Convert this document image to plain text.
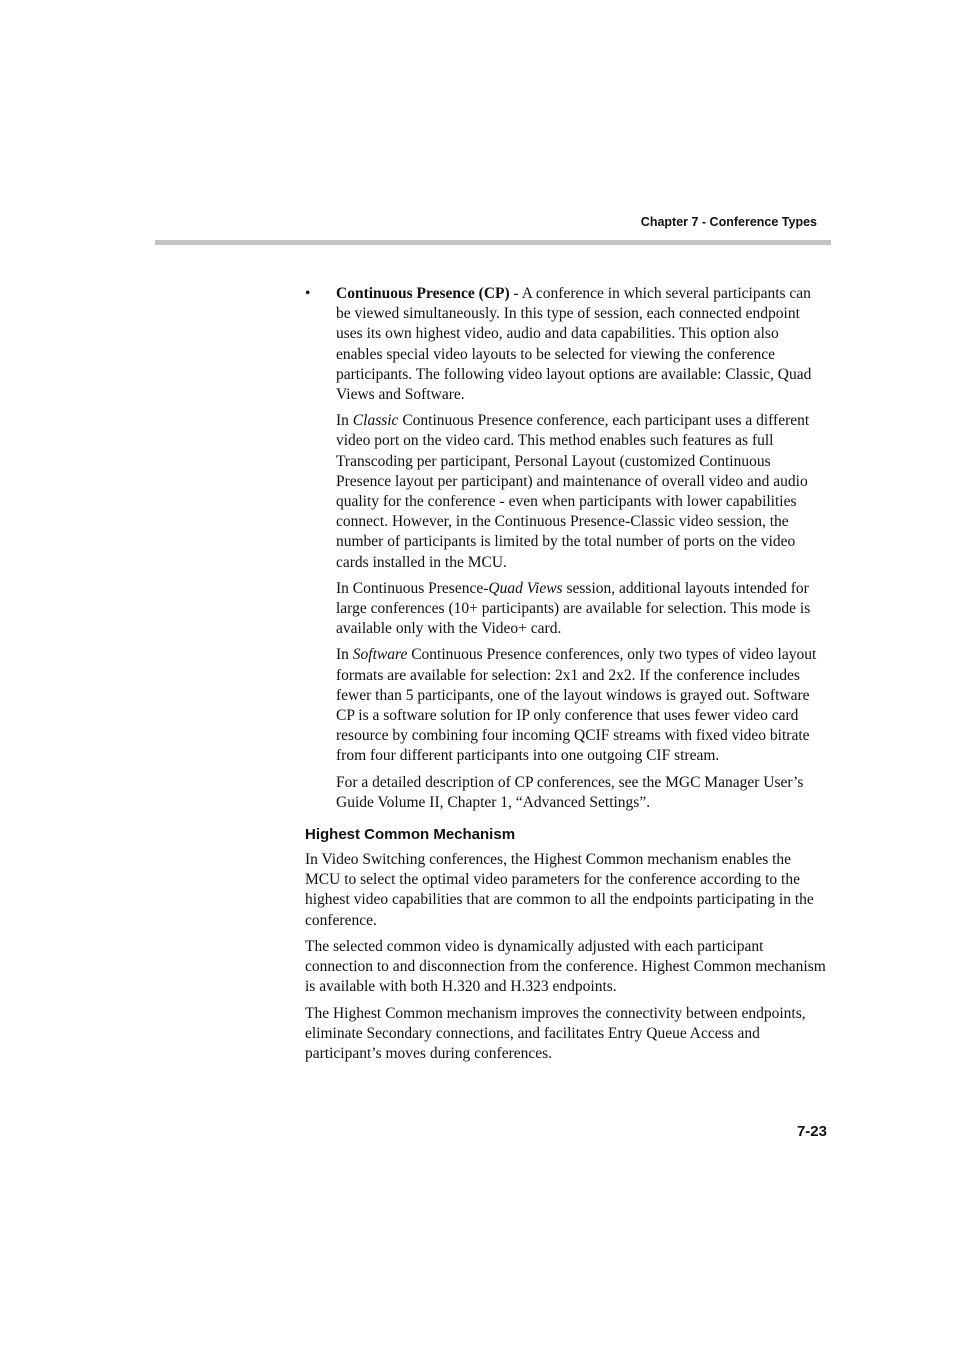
Chapter 7 - Conference Types
• Continuous Presence (CP) - A conference in which several participants can be viewed simultaneously. In this type of session, each connected endpoint uses its own highest video, audio and data capabilities. This option also enables special video layouts to be selected for viewing the conference participants. The following video layout options are available: Classic, Quad Views and Software.

In Classic Continuous Presence conference, each participant uses a different video port on the video card. This method enables such features as full Transcoding per participant, Personal Layout (customized Continuous Presence layout per participant) and maintenance of overall video and audio quality for the conference - even when participants with lower capabilities connect. However, in the Continuous Presence-Classic video session, the number of participants is limited by the total number of ports on the video cards installed in the MCU.

In Continuous Presence-Quad Views session, additional layouts intended for large conferences (10+ participants) are available for selection. This mode is available only with the Video+ card.

In Software Continuous Presence conferences, only two types of video layout formats are available for selection: 2x1 and 2x2. If the conference includes fewer than 5 participants, one of the layout windows is grayed out. Software CP is a software solution for IP only conference that uses fewer video card resource by combining four incoming QCIF streams with fixed video bitrate from four different participants into one outgoing CIF stream.

For a detailed description of CP conferences, see the MGC Manager User’s Guide Volume II, Chapter 1, “Advanced Settings”.

Highest Common Mechanism

In Video Switching conferences, the Highest Common mechanism enables the MCU to select the optimal video parameters for the conference according to the highest video capabilities that are common to all the endpoints participating in the conference.

The selected common video is dynamically adjusted with each participant connection to and disconnection from the conference. Highest Common mechanism is available with both H.320 and H.323 endpoints.

The Highest Common mechanism improves the connectivity between endpoints, eliminate Secondary connections, and facilitates Entry Queue Access and participant’s moves during conferences.

7-23
